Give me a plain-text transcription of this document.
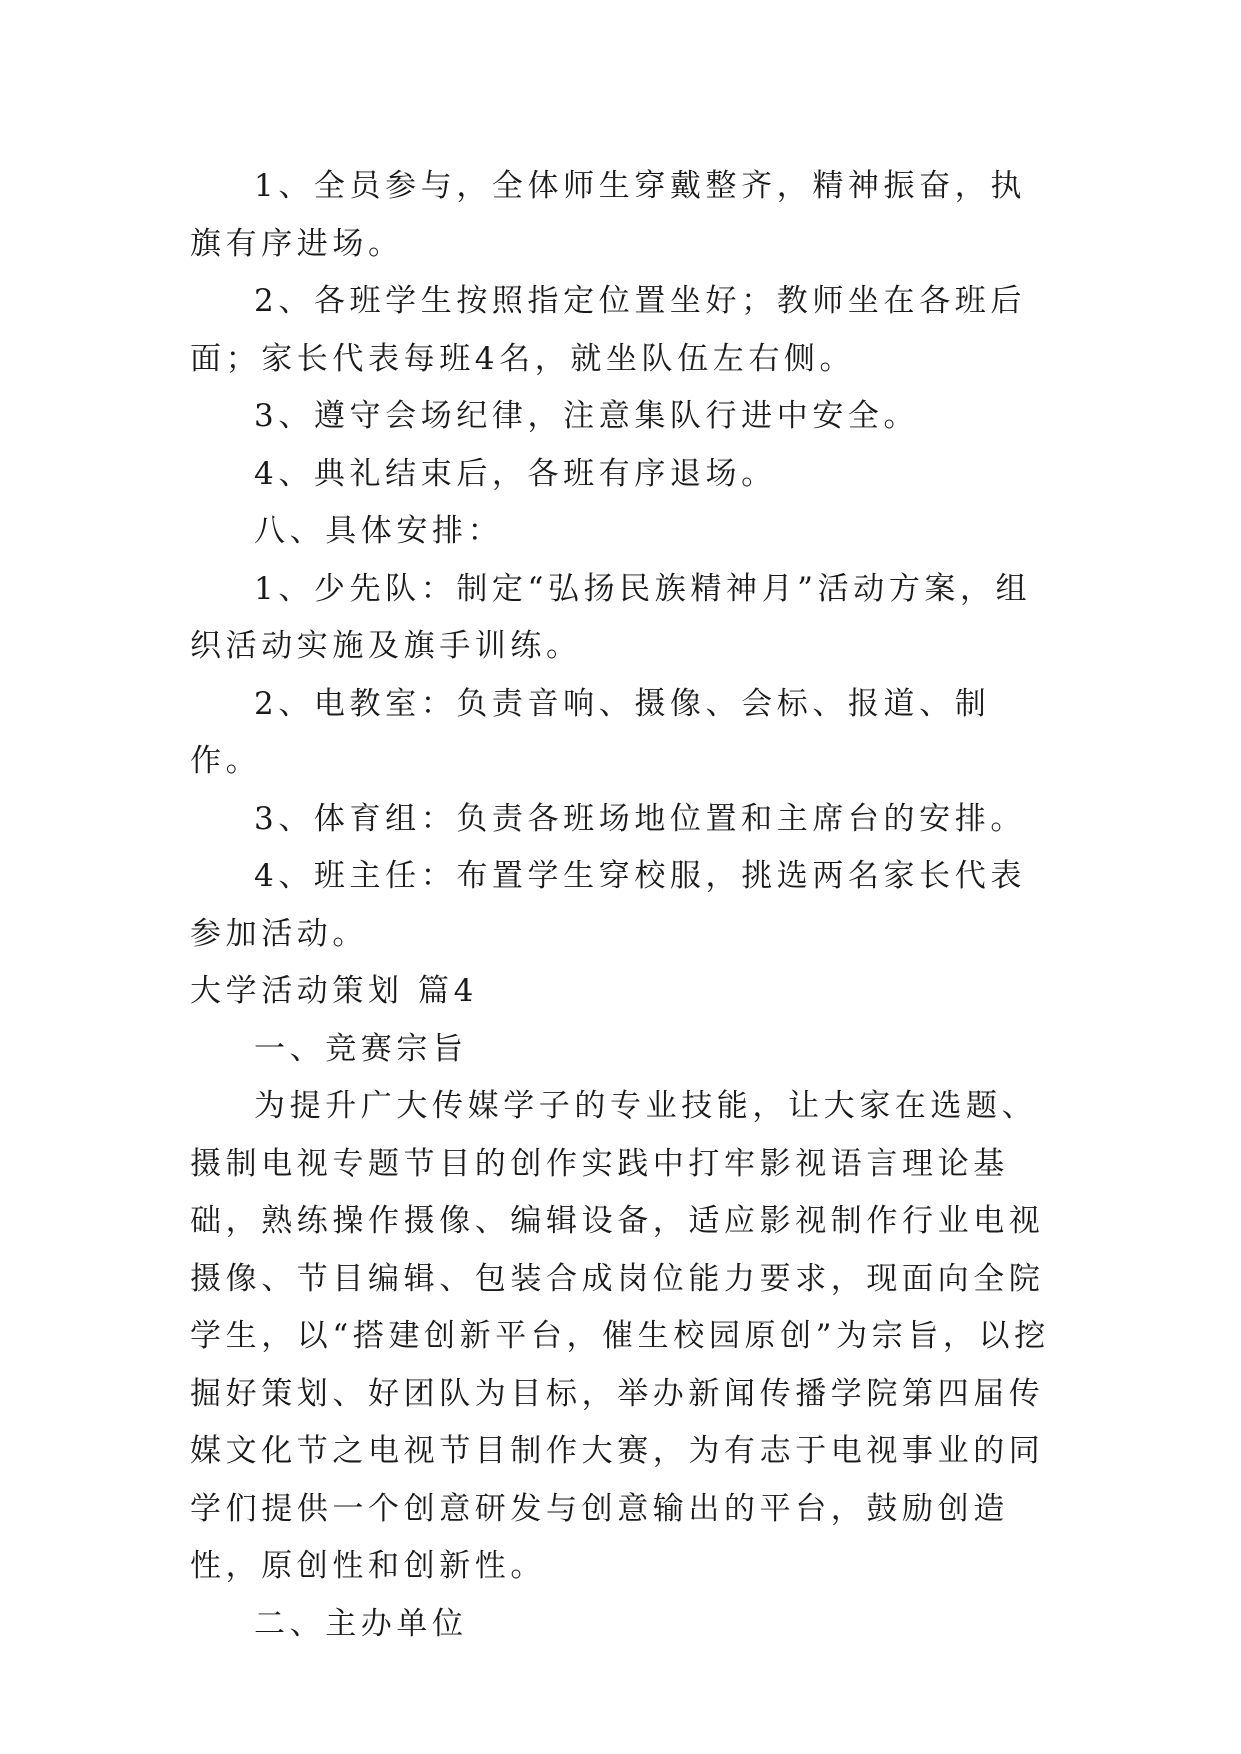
1、全员参与，全体师生穿戴整齐，精神振奋，执旗有序进场。

2、各班学生按照指定位置坐好；教师坐在各班后面；家长代表每班4名，就坐队伍左右侧。

3、遵守会场纪律，注意集队行进中安全。

4、典礼结束后，各班有序退场。

八、具体安排：

1、少先队：制定“弘扬民族精神月”活动方案，组织活动实施及旗手训练。

2、电教室：负责音响、摄像、会标、报道、制作。

3、体育组：负责各班场地位置和主席台的安排。

4、班主任：布置学生穿校服，挑选两名家长代表参加活动。

大学活动策划 篇4

一、竞赛宗旨

为提升广大传媒学子的专业技能，让大家在选题、摄制电视专题节目的创作实践中打牢影视语言理论基础，熟练操作摄像、编辑设备，适应影视制作行业电视摄像、节目编辑、包装合成岗位能力要求，现面向全院学生，以“搭建创新平台，催生校园原创”为宗旨，以挖掘好策划、好团队为目标，举办新闻传播学院第四届传媒文化节之电视节目制作大赛，为有志于电视事业的同学们提供一个创意研发与创意输出的平台，鼓励创造性，原创性和创新性。

二、主办单位
